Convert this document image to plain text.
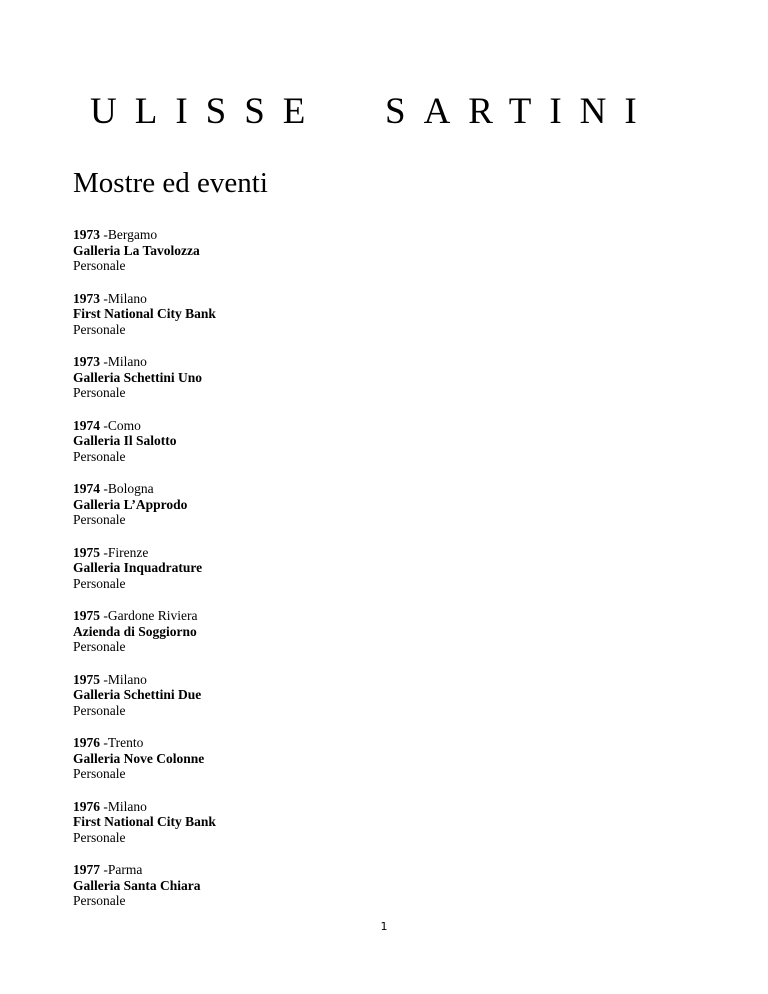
ULISSE SARTINI
Mostre ed eventi
1973 -Bergamo
Galleria La Tavolozza
Personale
1973 -Milano
First National City Bank
Personale
1973 -Milano
Galleria Schettini Uno
Personale
1974 -Como
Galleria Il Salotto
Personale
1974 -Bologna
Galleria L’Approdo
Personale
1975 -Firenze
Galleria Inquadrature
Personale
1975 -Gardone Riviera
Azienda di Soggiorno
Personale
1975 -Milano
Galleria Schettini Due
Personale
1976 -Trento
Galleria Nove Colonne
Personale
1976 -Milano
First National City Bank
Personale
1977 -Parma
Galleria Santa Chiara
Personale
1
